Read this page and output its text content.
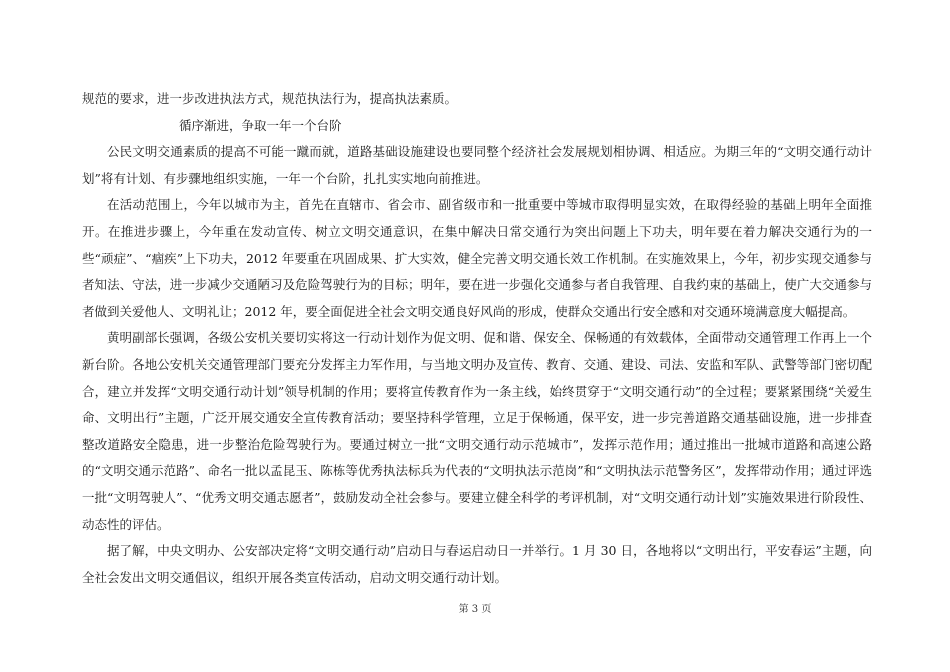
规范的要求，进一步改进执法方式，规范执法行为，提高执法素质。

循序渐进，争取一年一个台阶

公民文明交通素质的提高不可能一蹴而就，道路基础设施建设也要同整个经济社会发展规划相协调、相适应。为期三年的“文明交通行动计划”将有计划、有步骤地组织实施，一年一个台阶，扎扎实实地向前推进。

在活动范围上，今年以城市为主，首先在直辖市、省会市、副省级市和一批重要中等城市取得明显实效，在取得经验的基础上明年全面推开。在推进步骤上，今年重在发动宣传、树立文明交通意识，在集中解决日常交通行为突出问题上下功夫，明年要在着力解决交通行为的一些“顽症”、“痼疾”上下功夫，2012 年要重在巩固成果、扩大实效，健全完善文明交通长效工作机制。在实施效果上，今年，初步实现交通参与者知法、守法，进一步减少交通陋习及危险驾驶行为的目标；明年，要在进一步强化交通参与者自我管理、自我约束的基础上，使广大交通参与者做到关爱他人、文明礼让；2012 年，要全面促进全社会文明交通良好风尚的形成，使群众交通出行安全感和对交通环境满意度大幅提高。

黄明副部长强调，各级公安机关要切实将这一行动计划作为促文明、促和谐、保安全、保畅通的有效载体，全面带动交通管理工作再上一个新台阶。各地公安机关交通管理部门要充分发挥主力军作用，与当地文明办及宣传、教育、交通、建设、司法、安监和军队、武警等部门密切配合，建立并发挥“文明交通行动计划”领导机制的作用；要将宣传教育作为一条主线，始终贯穿于“文明交通行动”的全过程；要紧紧围绕“关爱生命、文明出行”主题，广泛开展交通安全宣传教育活动；要坚持科学管理，立足于保畅通，保平安，进一步完善道路交通基础设施，进一步排查整改道路安全隐患，进一步整治危险驾驶行为。要通过树立一批“文明交通行动示范城市”，发挥示范作用；通过推出一批城市道路和高速公路的“文明交通示范路”、命名一批以孟昆玉、陈栋等优秀执法标兵为代表的“文明执法示范岗”和“文明执法示范警务区”，发挥带动作用；通过评选一批“文明驾驶人”、“优秀文明交通志愿者”，鼓励发动全社会参与。要建立健全科学的考评机制，对“文明交通行动计划”实施效果进行阶段性、动态性的评估。

据了解，中央文明办、公安部决定将“文明交通行动”启动日与春运启动日一并举行。1 月 30 日，各地将以“文明出行，平安春运”主题，向全社会发出文明交通倡议，组织开展各类宣传活动，启动文明交通行动计划。

第 3 页
